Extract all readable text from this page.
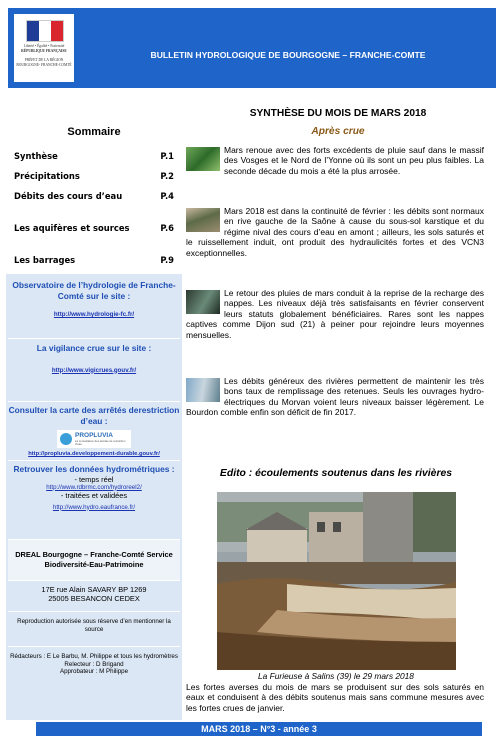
Liberté • Égalité • Fraternité
RÉPUBLIQUE FRANÇAISE
PRÉFET DE LA RÉGION BOURGOGNE- FRANCHE-COMTÉ
BULLETIN HYDROLOGIQUE DE BOURGOGNE – FRANCHE-COMTE
Sommaire
Synthèse	P.1
Précipitations	P.2
Débits des cours d’eau	P.4
Les aquifères et sources	P.6
Les barrages	P.9
Observatoire de l’hydrologie de Franche-Comté sur le site :
http://www.hydrologie-fc.fr/
La vigilance crue sur le site :
http://www.vigicrues.gouv.fr/
Consulter la carte des arrêtés derestriction d’eau :
PROPLUVIA
La consultation des arrêtés de restriction d’eau
http://propluvia.developpement-durable.gouv.fr/
Retrouver les données hydrométriques :
- temps réel
http://www.rdbrmc.com/hydroreel2/
- traitées et validées
http://www.hydro.eaufrance.fr/
DREAL Bourgogne – Franche-Comté Service Biodiversité-Eau-Patrimoine
17E rue Alain SAVARY BP 1269
25005 BESANCON CEDEX
Reproduction autorisée sous réserve d’en mentionner la source
Rédacteurs : E Le Barbu, M. Philippe et tous les hydromètres
Relecteur : D Brigand
Approbateur : M Philippe
SYNTHÈSE DU MOIS DE MARS 2018
Après crue
Mars renoue avec des forts excédents de pluie sauf dans le massif des Vosges et le Nord de l’Yonne où ils sont un peu plus faibles. La seconde décade du mois a été la plus arrosée.
Mars 2018 est dans la continuité de février : les débits sont normaux en rive gauche de la Saône à cause du sous-sol karstique et du régime nival des cours d’eau en amont ; ailleurs, les sols saturés et le ruissellement induit, ont produit des hydraulicités fortes et des VCN3 exceptionnelles.
Le retour des pluies de mars conduit à la reprise de la recharge des nappes. Les niveaux déjà très satisfaisants en février conservent leurs statuts globalement bénéficiaires. Rares sont les nappes captives comme Dijon sud (21) à peiner pour rejoindre leurs moyennes mensuelles.
Les débits généreux des rivières permettent de maintenir les très bons taux de remplissage des retenues. Seuls les ouvrages hydro-électriques du Morvan voient leurs niveaux baisser légèrement. Le Bourdon comble enfin son déficit de fin 2017.
Edito : écoulements soutenus dans les rivières
La Furieuse à Salins (39) le 29 mars 2018
Les fortes averses du mois de mars se produisent sur des sols saturés en eaux et conduisent à des débits soutenus mais sans commune mesures avec les fortes crues de janvier.
MARS 2018 – N°3 - année 3
